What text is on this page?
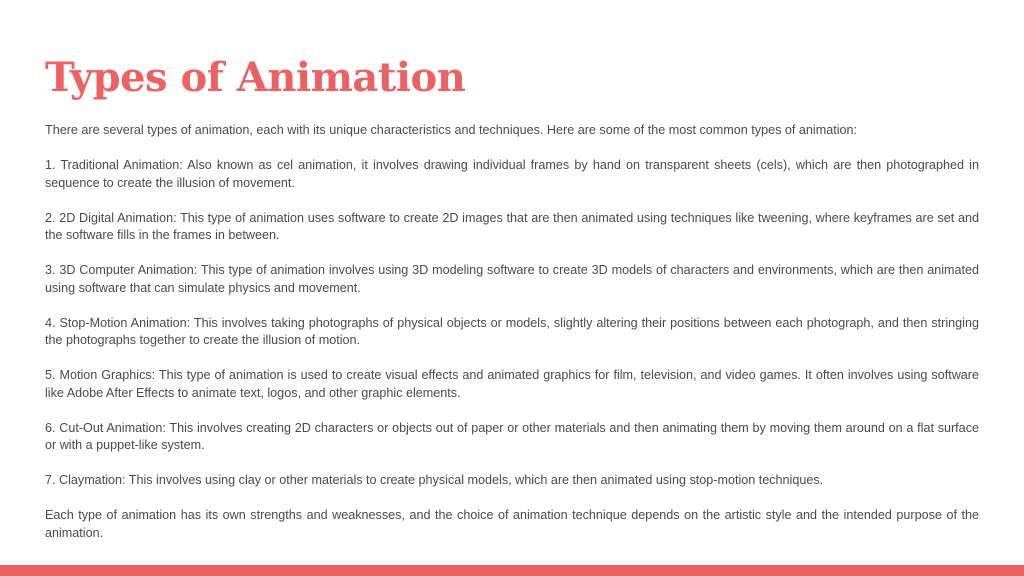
Types of Animation

There are several types of animation, each with its unique characteristics and techniques. Here are some of the most common types of animation:

1. Traditional Animation: Also known as cel animation, it involves drawing individual frames by hand on transparent sheets (cels), which are then photographed in sequence to create the illusion of movement.

2. 2D Digital Animation: This type of animation uses software to create 2D images that are then animated using techniques like tweening, where keyframes are set and the software fills in the frames in between.

3. 3D Computer Animation: This type of animation involves using 3D modeling software to create 3D models of characters and environments, which are then animated using software that can simulate physics and movement.

4. Stop-Motion Animation: This involves taking photographs of physical objects or models, slightly altering their positions between each photograph, and then stringing the photographs together to create the illusion of motion.

5. Motion Graphics: This type of animation is used to create visual effects and animated graphics for film, television, and video games. It often involves using software like Adobe After Effects to animate text, logos, and other graphic elements.

6. Cut-Out Animation: This involves creating 2D characters or objects out of paper or other materials and then animating them by moving them around on a flat surface or with a puppet-like system.

7. Claymation: This involves using clay or other materials to create physical models, which are then animated using stop-motion techniques.

Each type of animation has its own strengths and weaknesses, and the choice of animation technique depends on the artistic style and the intended purpose of the animation.
